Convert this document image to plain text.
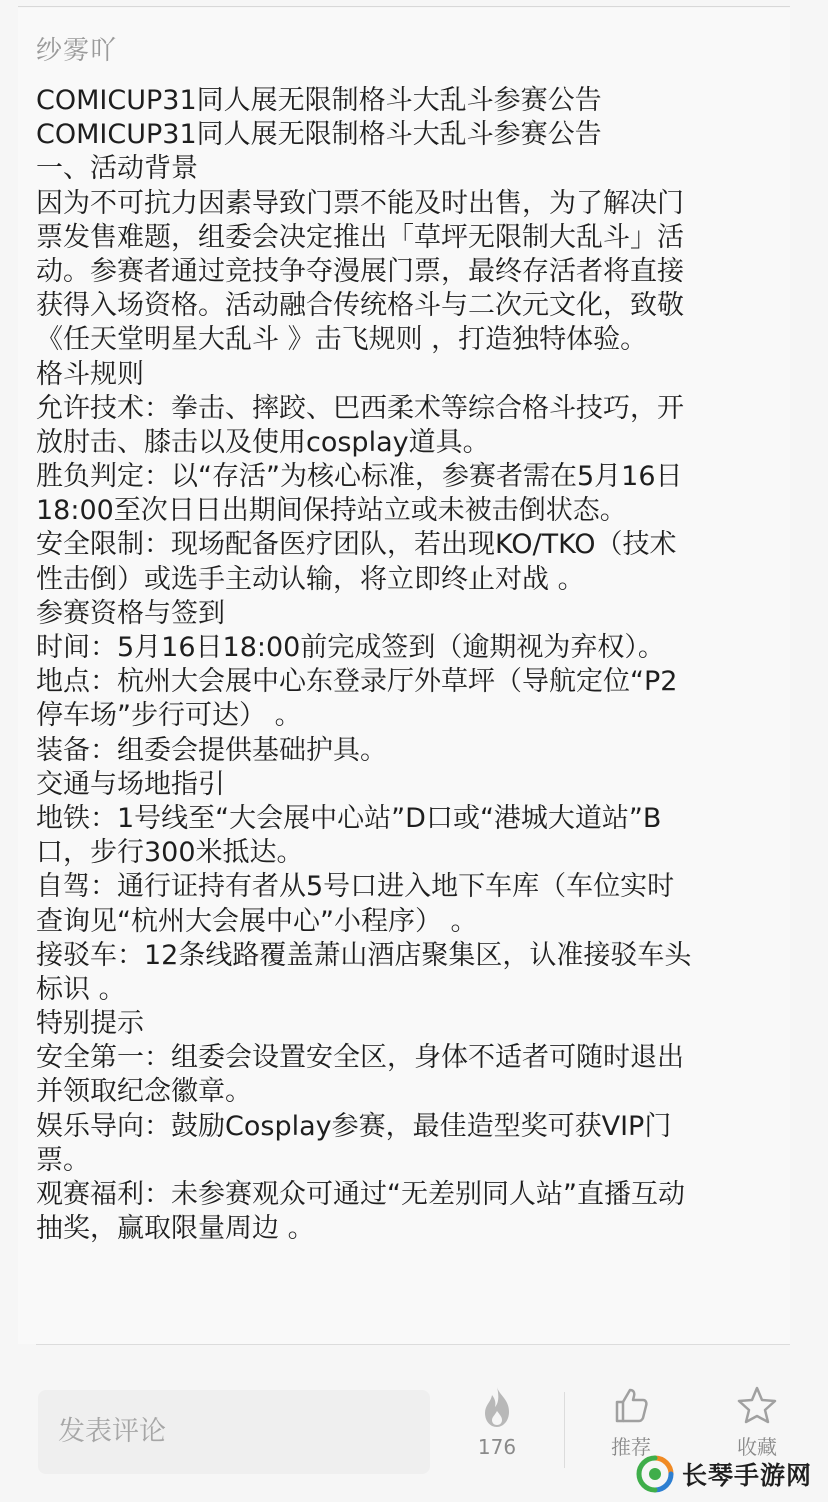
纱雾吖
COMICUP31同人展无限制格斗大乱斗参赛公告
COMICUP31同人展无限制格斗大乱斗参赛公告
一、活动背景
因为不可抗力因素导致门票不能及时出售，为了解决门
票发售难题，组委会决定推出「草坪无限制大乱斗」活
动。参赛者通过竞技争夺漫展门票，最终存活者将直接
获得入场资格。活动融合传统格斗与二次元文化，致敬
《任天堂明星大乱斗 》击飞规则 ，打造独特体验。
格斗规则
允许技术：拳击、摔跤、巴西柔术等综合格斗技巧，开
放肘击、膝击以及使用cosplay道具。
胜负判定：以“存活”为核心标准，参赛者需在5月16日
18:00至次日日出期间保持站立或未被击倒状态。
安全限制：现场配备医疗团队，若出现KO/TKO（技术
性击倒）或选手主动认输，将立即终止对战 。
参赛资格与签到
时间：5月16日18:00前完成签到（逾期视为弃权）。
地点：杭州大会展中心东登录厅外草坪（导航定位“P2
停车场”步行可达） 。
装备：组委会提供基础护具。
交通与场地指引
地铁：1号线至“大会展中心站”D口或“港城大道站”B
口，步行300米抵达。
自驾：通行证持有者从5号口进入地下车库（车位实时
查询见“杭州大会展中心”小程序） 。
接驳车：12条线路覆盖萧山酒店聚集区，认准接驳车头
标识 。
特别提示
安全第一：组委会设置安全区，身体不适者可随时退出
并领取纪念徽章。
娱乐导向：鼓励Cosplay参赛，最佳造型奖可获VIP门
票。
观赛福利：未参赛观众可通过“无差别同人站”直播互动
抽奖，赢取限量周边 。
发表评论	176	推荐	收藏
长琴手游网
